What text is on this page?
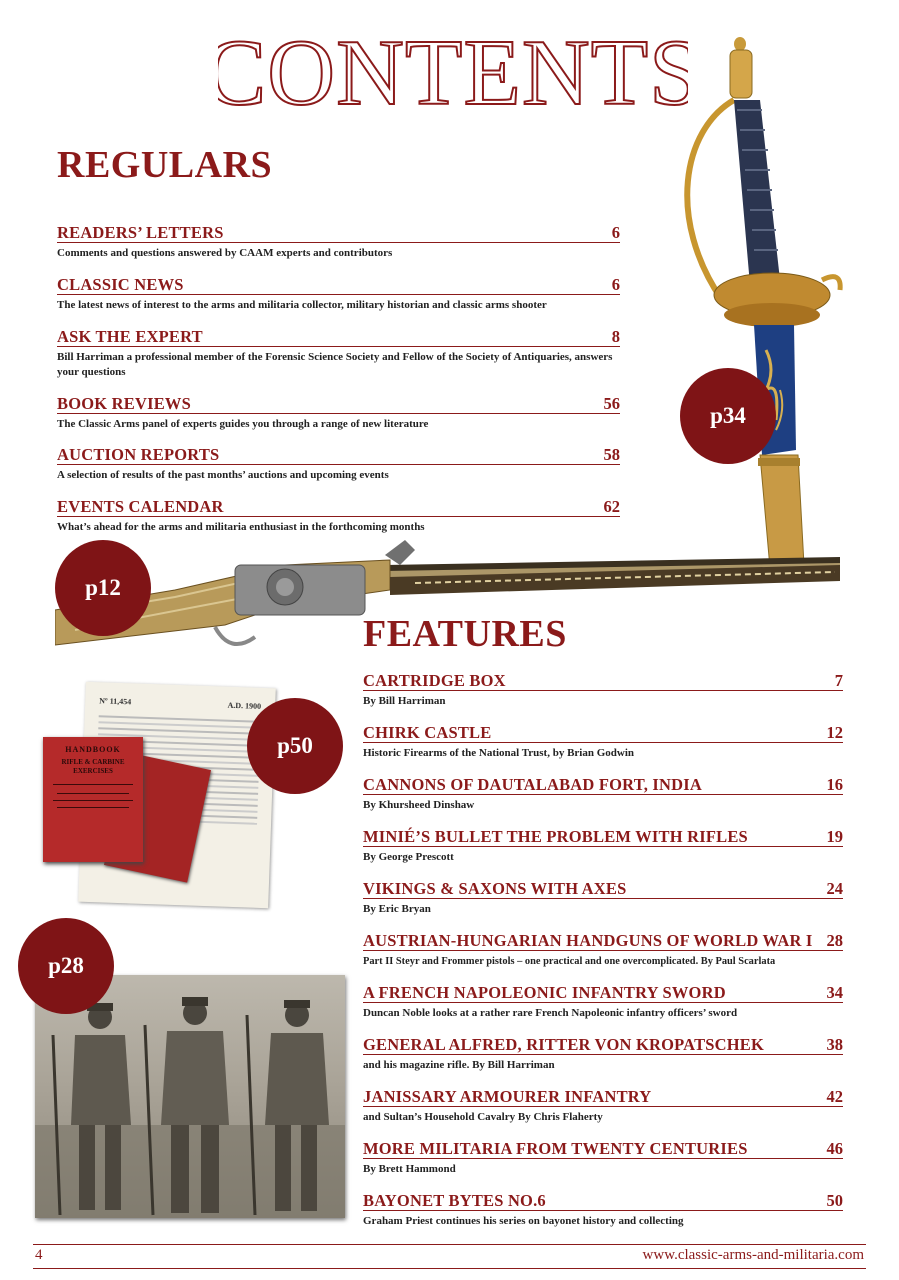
CONTENTS
REGULARS
READERS’ LETTERS	6
Comments and questions answered by CAAM experts and contributors
CLASSIC NEWS	6
The latest news of interest to the arms and militaria collector, military historian and classic arms shooter
ASK THE EXPERT	8
Bill Harriman a professional member of the Forensic Science Society and Fellow of the Society of Antiquaries, answers your questions
BOOK REVIEWS	56
The Classic Arms panel of experts guides you through a range of new literature
AUCTION REPORTS	58
A selection of results of the past months’ auctions and upcoming events
EVENTS CALENDAR	62
What’s ahead for the arms and militaria enthusiast in the forthcoming months
p34
p12
FEATURES
Nº 11,454	A.D. 1900
HANDBOOK
RIFLE & CARBINE EXERCISES
p50
p28
CARTRIDGE BOX	7
By Bill Harriman
CHIRK CASTLE	12
Historic Firearms of the National Trust, by Brian Godwin
CANNONS OF DAUTALABAD FORT, INDIA	16
By Khursheed Dinshaw
MINIÉ’S BULLET THE PROBLEM WITH RIFLES	19
By George Prescott
VIKINGS & SAXONS WITH AXES	24
By Eric Bryan
AUSTRIAN-HUNGARIAN HANDGUNS OF WORLD WAR I 28
Part II Steyr and Frommer pistols – one practical and one overcomplicated. By Paul Scarlata
A FRENCH NAPOLEONIC INFANTRY SWORD	34
Duncan Noble looks at a rather rare French Napoleonic infantry officers’ sword
GENERAL ALFRED, RITTER VON KROPATSCHEK	38
and his magazine rifle. By Bill Harriman
JANISSARY ARMOURER INFANTRY	42
and Sultan’s Household Cavalry By Chris Flaherty
MORE MILITARIA FROM TWENTY CENTURIES	46
By Brett Hammond
BAYONET BYTES NO.6	50
Graham Priest continues his series on bayonet history and collecting
4	www.classic-arms-and-militaria.com
